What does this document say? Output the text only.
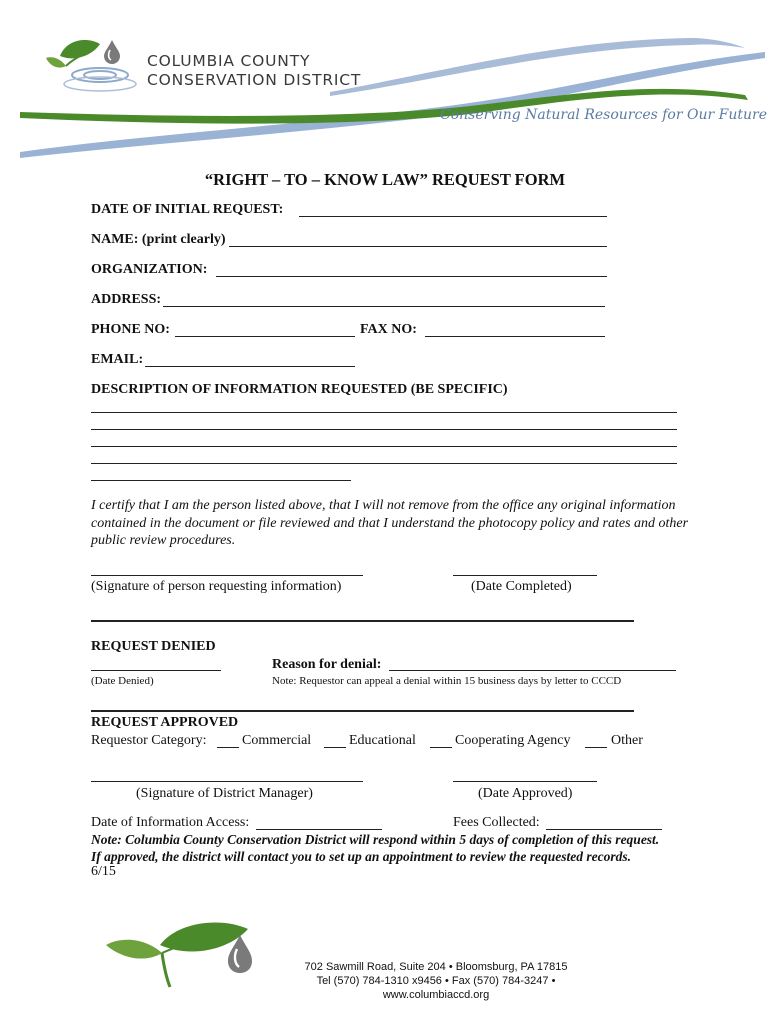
COLUMBIA COUNTY
CONSERVATION DISTRICT
Conserving Natural Resources for Our Future
“RIGHT – TO – KNOW LAW” REQUEST FORM
DATE OF INITIAL REQUEST:
NAME: (print clearly)
ORGANIZATION:
ADDRESS:
PHONE NO:	FAX NO:
EMAIL:
DESCRIPTION OF INFORMATION REQUESTED (BE SPECIFIC)
I certify that I am the person listed above, that I will not remove from the office any original information contained in the document or file reviewed and that I understand the photocopy policy and rates and other public review procedures.
(Signature of person requesting information)	(Date Completed)
REQUEST DENIED
Reason for denial:
(Date Denied)	Note: Requestor can appeal a denial within 15 business days by letter to CCCD
REQUEST APPROVED
Requestor Category:	Commercial	Educational	Cooperating Agency	Other
(Signature of District Manager)	(Date Approved)
Date of Information Access:	Fees Collected:
Note: Columbia County Conservation District will respond within 5 days of completion of this request.
If approved, the district will contact you to set up an appointment to review the requested records.
6/15
702 Sawmill Road, Suite 204 • Bloomsburg, PA 17815
Tel (570) 784-1310 x9456 • Fax (570) 784-3247 •
www.columbiaccd.org
